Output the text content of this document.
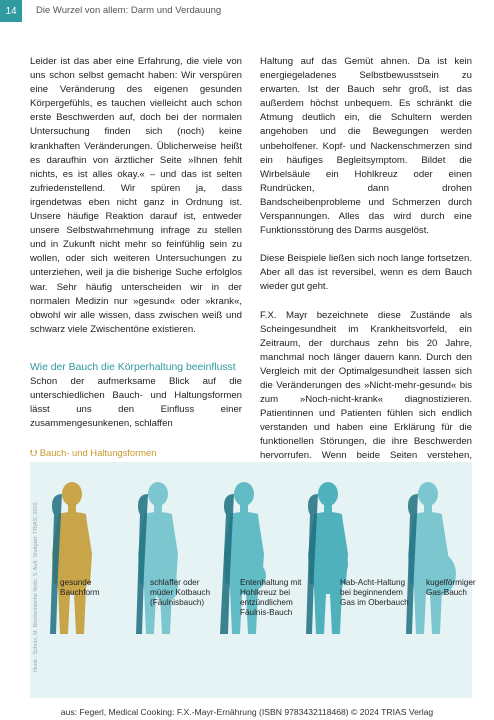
14	Die Wurzel von allem: Darm und Verdauung

Leider ist das aber eine Erfahrung, die viele von uns schon selbst gemacht haben: Wir verspüren eine Veränderung des eigenen gesunden Körpergefühls, es tauchen vielleicht auch schon erste Beschwerden auf, doch bei der normalen Untersuchung finden sich (noch) keine krankhaften Veränderungen. Üblicherweise heißt es daraufhin von ärztlicher Seite »Ihnen fehlt nichts, es ist alles okay.« – und das ist selten zufriedenstellend. Wir spüren ja, dass irgendetwas eben nicht ganz in Ordnung ist. Unsere häufige Reaktion darauf ist, entweder unsere Selbstwahrnehmung infrage zu stellen und in Zukunft nicht mehr so feinfühlig sein zu wollen, oder sich weiteren Untersuchungen zu unterziehen, weil ja die bisherige Suche erfolglos war. Sehr häufig unterscheiden wir in der normalen Medizin nur »gesund« oder »krank«, obwohl wir alle wissen, dass zwischen weiß und schwarz viele Zwischentöne existieren.

Wie der Bauch die Körperhaltung beeinflusst

Schon der aufmerksame Blick auf die unterschiedlichen Bauch- und Haltungsformen lässt uns den Einfluss einer zusammengesunkenen, schlaffen

Haltung auf das Gemüt ahnen. Da ist kein energiegeladenes Selbstbewusstsein zu erwarten. Ist der Bauch sehr groß, ist das außerdem höchst unbequem. Es schränkt die Atmung deutlich ein, die Schultern werden angehoben und die Bewegungen werden unbeholfener. Kopf- und Nackenschmerzen sind ein häufiges Begleitsymptom. Bildet die Wirbelsäule ein Hohlkreuz oder einen Rundrücken, dann drohen Bandscheibenprobleme und Schmerzen durch Verspannungen. Alles das wird durch eine Funktionsstörung des Darms ausgelöst.

Diese Beispiele ließen sich noch lange fortsetzen. Aber all das ist reversibel, wenn es dem Bauch wieder gut geht.

F.X. Mayr bezeichnete diese Zustände als Scheingesundheit im Krankheitsvorfeld, ein Zeitraum, der durchaus zehn bis 20 Jahre, manchmal noch länger dauern kann. Durch den Vergleich mit der Optimalgesundheit lassen sich die Veränderungen des »Nicht-mehr-gesund« bis zum »Noch-nicht-krank« diagnostizieren. Patientinnen und Patienten fühlen sich endlich verstanden und haben eine Erklärung für die funktionellen Störungen, die ihre Beschwerden hervorrufen. Wenn beide Seiten verstehen,

⮋ Bauch- und Haltungsformen
Illustr.: Schulz, M. Biochemische Notiz, 5. Aufl. Stuttgart: TRIAS; 2016	gesunde
Bauchform
schlaffer oder
müder Kotbauch
(Fäulnisbauch)
Entenhaltung mit
Hohlkreuz bei
entzündlichem
Fäulnis-Bauch
Hab-Acht-Haltung
bei beginnendem
Gas im Oberbauch
kugelförmiger
Gas-Bauch
aus: Fegerl, Medical Cooking: F.X.-Mayr-Ernährung (ISBN 9783432118468) © 2024 TRIAS Verlag
